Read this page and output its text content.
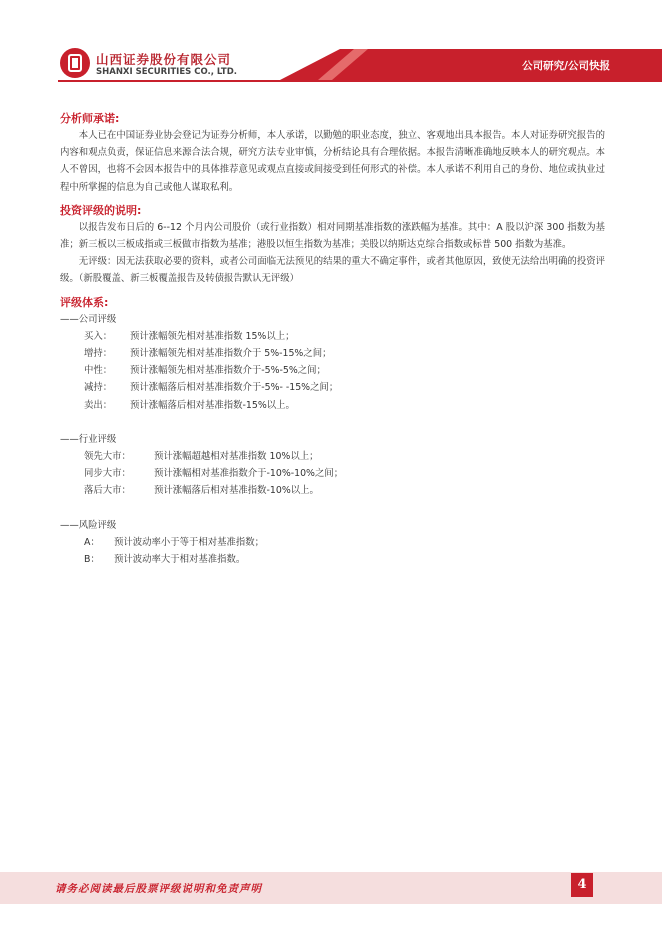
山西证券股份有限公司
SHANXI SECURITIES CO., LTD.	公司研究/公司快报

分析师承诺:

本人已在中国证券业协会登记为证券分析师，本人承诺，以勤勉的职业态度，独立、客观地出具本报告。本人对证券研究报告的内容和观点负责，保证信息来源合法合规，研究方法专业审慎，分析结论具有合理依据。本报告清晰准确地反映本人的研究观点。本人不曾因，也将不会因本报告中的具体推荐意见或观点直接或间接受到任何形式的补偿。本人承诺不利用自己的身份、地位或执业过程中所掌握的信息为自己或他人谋取私利。

投资评级的说明:

以报告发布日后的 6--12 个月内公司股价（或行业指数）相对同期基准指数的涨跌幅为基准。其中：A 股以沪深 300 指数为基准；新三板以三板成指或三板做市指数为基准；港股以恒生指数为基准；美股以纳斯达克综合指数或标普 500 指数为基准。

无评级：因无法获取必要的资料，或者公司面临无法预见的结果的重大不确定事件，或者其他原因，致使无法给出明确的投资评级。（新股覆盖、新三板覆盖报告及转债报告默认无评级）

评级体系:

——公司评级

买入：	预计涨幅领先相对基准指数 15%以上；
增持：	预计涨幅领先相对基准指数介于 5%-15%之间；
中性：	预计涨幅领先相对基准指数介于-5%-5%之间；
减持：	预计涨幅落后相对基准指数介于-5%- -15%之间；
卖出：	预计涨幅落后相对基准指数-15%以上。

——行业评级

领先大市：	预计涨幅超越相对基准指数 10%以上；
同步大市：	预计涨幅相对基准指数介于-10%-10%之间；
落后大市：	预计涨幅落后相对基准指数-10%以上。

——风险评级

A：	预计波动率小于等于相对基准指数；
B：	预计波动率大于相对基准指数。
请务必阅读最后股票评级说明和免责声明	4
